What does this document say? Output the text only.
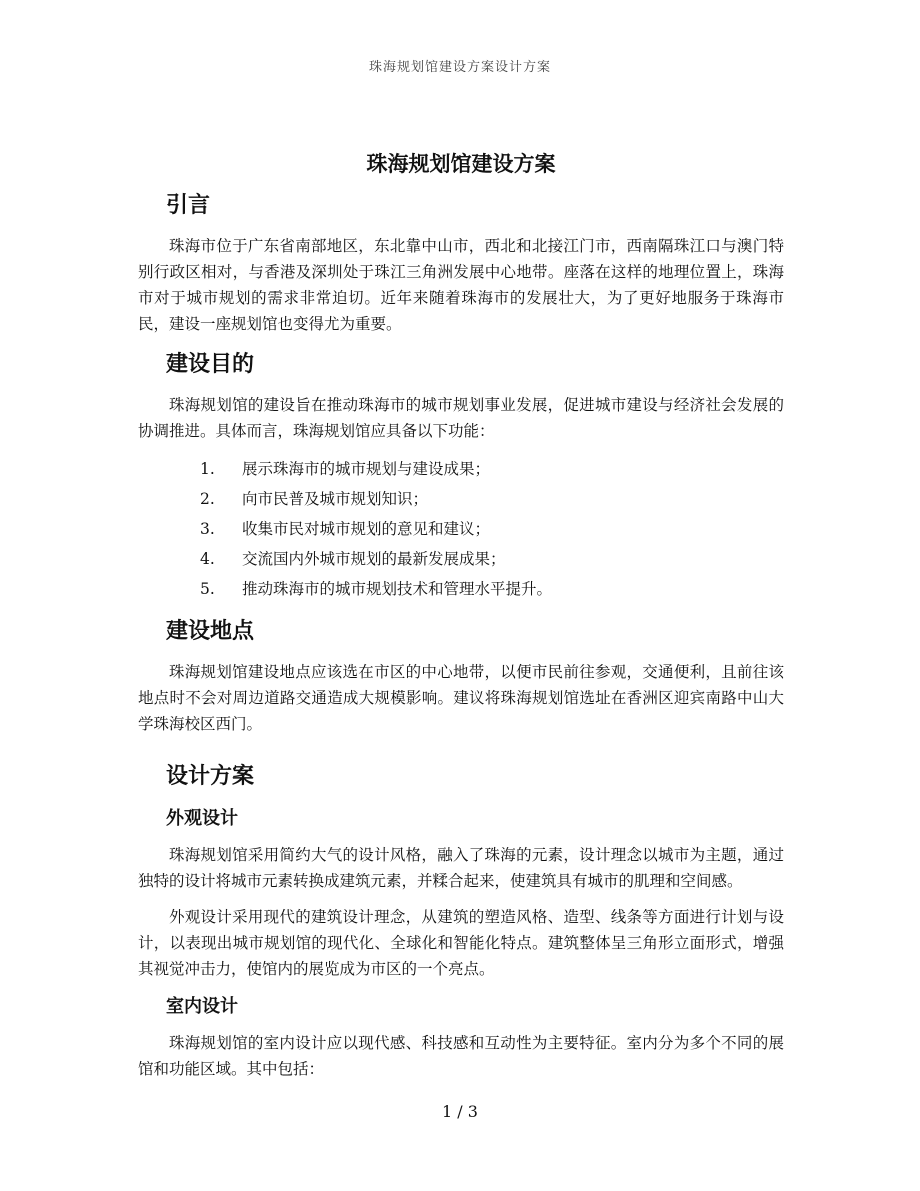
珠海规划馆建设方案设计方案
珠海规划馆建设方案
引言

珠海市位于广东省南部地区，东北靠中山市，西北和北接江门市，西南隔珠江口与澳门特别行政区相对，与香港及深圳处于珠江三角洲发展中心地带。座落在这样的地理位置上，珠海市对于城市规划的需求非常迫切。近年来随着珠海市的发展壮大，为了更好地服务于珠海市民，建设一座规划馆也变得尤为重要。

建设目的

珠海规划馆的建设旨在推动珠海市的城市规划事业发展，促进城市建设与经济社会发展的协调推进。具体而言，珠海规划馆应具备以下功能：

1. 展示珠海市的城市规划与建设成果；
2. 向市民普及城市规划知识；
3. 收集市民对城市规划的意见和建议；
4. 交流国内外城市规划的最新发展成果；
5. 推动珠海市的城市规划技术和管理水平提升。
建设地点

珠海规划馆建设地点应该选在市区的中心地带，以便市民前往参观，交通便利，且前往该地点时不会对周边道路交通造成大规模影响。建议将珠海规划馆选址在香洲区迎宾南路中山大学珠海校区西门。

设计方案
外观设计

珠海规划馆采用简约大气的设计风格，融入了珠海的元素，设计理念以城市为主题，通过独特的设计将城市元素转换成建筑元素，并糅合起来，使建筑具有城市的肌理和空间感。

外观设计采用现代的建筑设计理念，从建筑的塑造风格、造型、线条等方面进行计划与设计，以表现出城市规划馆的现代化、全球化和智能化特点。建筑整体呈三角形立面形式，增强其视觉冲击力，使馆内的展览成为市区的一个亮点。

室内设计

珠海规划馆的室内设计应以现代感、科技感和互动性为主要特征。室内分为多个不同的展馆和功能区域。其中包括：

1 / 3
